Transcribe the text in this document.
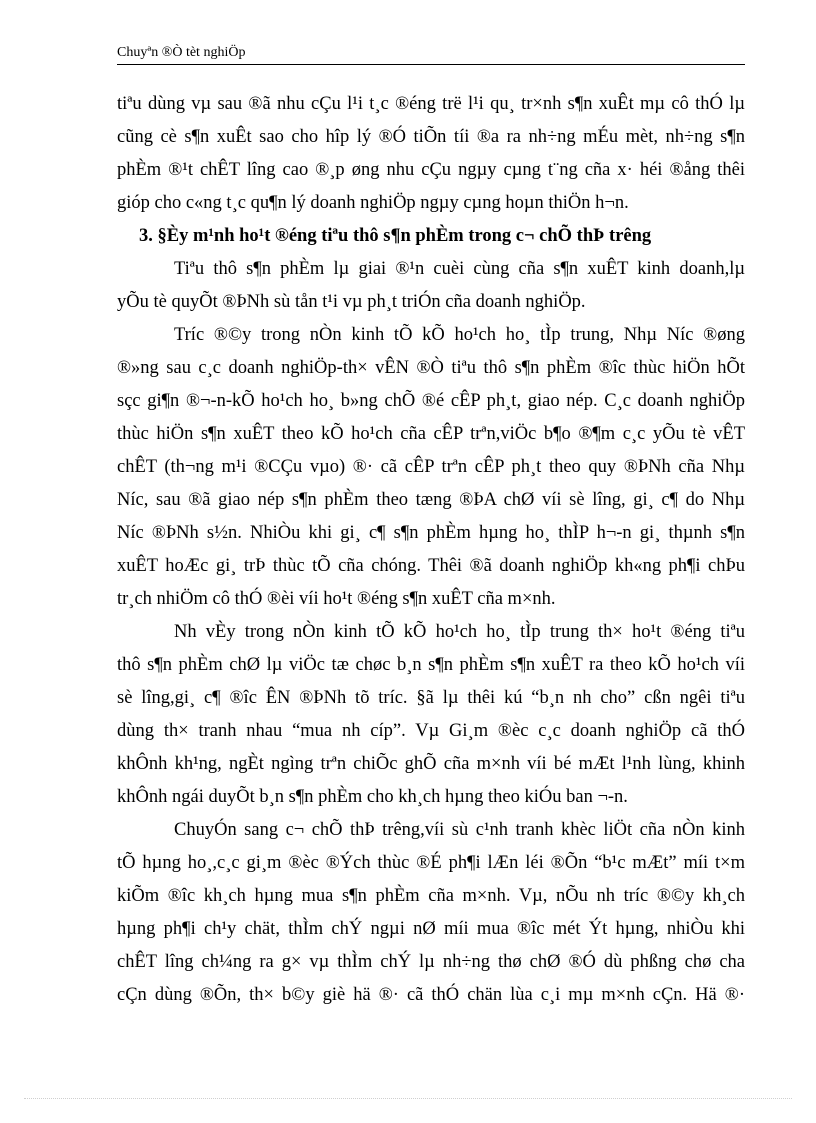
Chuyªn ®Ò tèt nghiÖp
tiªu dùng vµ sau ®ã nhu cÇu l¹i t¸c ®éng trë l¹i qu¸ tr×nh s¶n xuÊt mµ cô thÓ lµ
cũng cè s¶n xuÊt sao cho hîp lý ®Ó tiÕn tíi ®a ra nh÷ng mÉu mèt, nh÷ng s¶n
phÈm ®¹t chÊT lîng cao ®¸p øng nhu cÇu ngµy cµng t¨ng cña x· héi ®ång thêi
gióp cho c«ng t¸c qu¶n lý doanh nghiÖp ngµy cµng hoµn thiÖn h¬n.
3. §Èy m¹nh ho¹t ®éng tiªu thô s¶n phÈm trong c¬ chÕ thÞ trêng
Tiªu thô s¶n phÈm lµ giai ®¹n cuèi cùng cña s¶n xuÊT kinh doanh,lµ
yÕu tè quyÕt ®ÞNh sù tån t¹i vµ ph¸t triÓn cña doanh nghiÖp.
Tríc ®©y trong nÒn kinh tÕ kÕ ho¹ch ho¸ tÌp trung, Nhµ Níc ®øng
®»ng sau c¸c doanh nghiÖp-th× vÊN ®Ò tiªu thô s¶n phÈm ®îc thùc hiÖn hÕt
sçc gi¶n ®¬-n-kÕ ho¹ch ho¸ b»ng chÕ ®é cÊP ph¸t, giao nép. C¸c doanh nghiÖp
thùc hiÖn s¶n xuÊT theo kÕ ho¹ch cña cÊP trªn,viÖc b¶o ®¶m c¸c yÕu tè vÊT
chÊT (th¬ng m¹i ®CÇu vµo) ®· cã cÊP trªn cÊP ph¸t theo quy ®ÞNh cña Nhµ
Níc, sau ®ã giao nép s¶n phÈm theo tæng ®ÞA chØ víi sè lîng, gi¸ c¶ do Nhµ
Níc ®ÞNh s½n. NhiÒu khi gi¸ c¶ s¶n phÈm hµng ho¸ thÌP h¬-n gi¸ thµnh s¶n
xuÊT hoÆc gi¸ trÞ thùc tÕ cña chóng. Thêi ®ã doanh nghiÖp kh«ng ph¶i chÞu
tr¸ch nhiÖm cô thÓ ®èi víi ho¹t ®éng s¶n xuÊT cña m×nh.
Nh vÈy trong nÒn kinh tÕ kÕ ho¹ch ho¸ tÌp trung th× ho¹t ®éng tiªu
thô s¶n phÈm chØ lµ viÖc tæ chøc b¸n s¶n phÈm s¶n xuÊT ra theo kÕ ho¹ch víi
sè lîng,gi¸ c¶ ®îc ÊN ®ÞNh tõ tríc. §ã lµ thêi kú “b¸n nh cho” cßn ngêi tiªu
dùng th× tranh nhau “mua nh cíp”. Vµ Gi¸m ®èc c¸c doanh nghiÖp cã thÓ
khÔnh kh¹ng, ngÈt ngìng trªn chiÕc ghÕ cña m×nh víi bé mÆt l¹nh lùng, khinh
khÔnh ngái duyÕt b¸n s¶n phÈm cho kh¸ch hµng theo kiÓu ban ¬-n.
ChuyÓn sang c¬ chÕ thÞ trêng,víi sù c¹nh tranh khèc liÖt cña nÒn kinh
tÕ hµng ho¸,c¸c gi¸m ®èc ®Ých thùc ®É ph¶i lÆn léi ®Õn “b¹c mÆt” míi t×m
kiÕm ®îc kh¸ch hµng mua s¶n phÈm cña m×nh. Vµ, nÕu nh tríc ®©y kh¸ch
hµng ph¶i ch¹y chät, thÌm chÝ ngµi nØ míi mua ®îc mét Ýt hµng, nhiÒu khi
chÊT lîng ch¼ng ra g× vµ thÌm chÝ lµ nh÷ng thø chØ ®Ó dù phßng chø cha
cÇn dùng ®Õn, th× b©y giè hä ®· cã thÓ chän lùa c¸i mµ m×nh cÇn. Hä ®·
